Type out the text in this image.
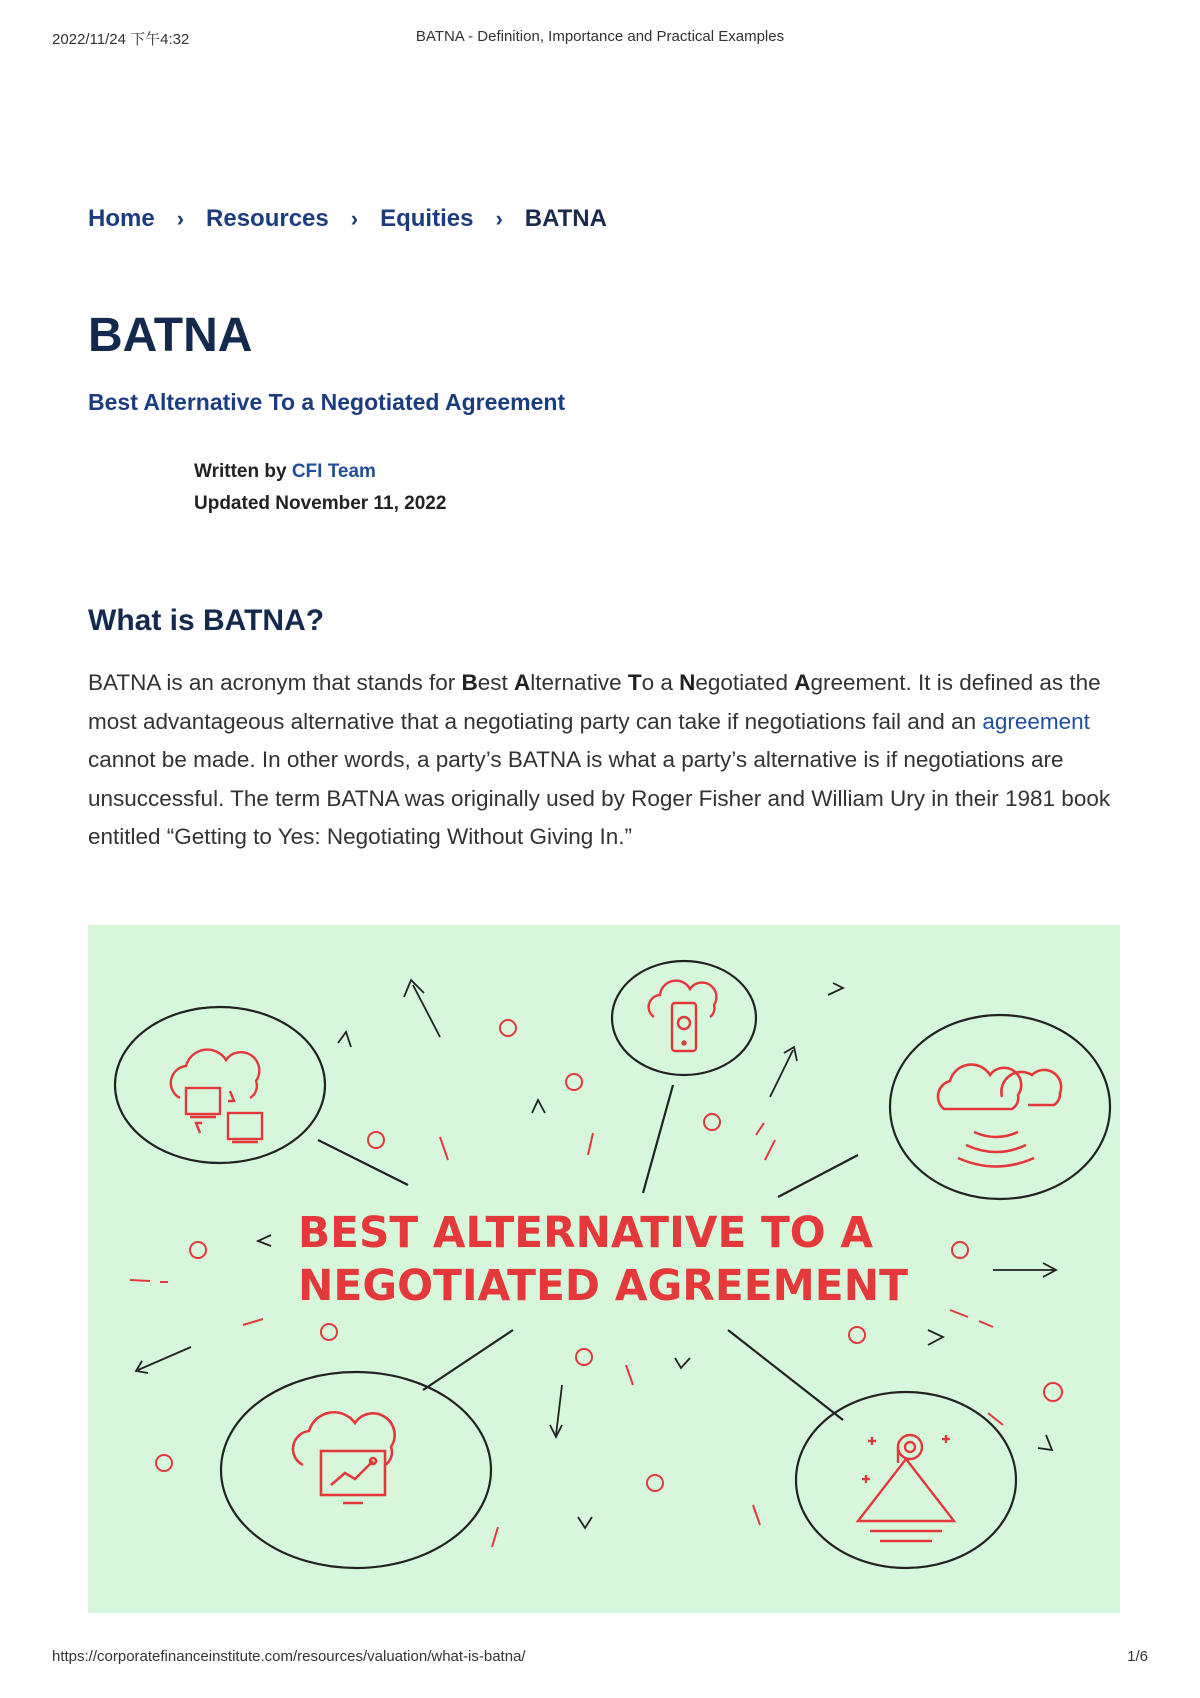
2022/11/24 下午4:32	BATNA - Definition, Importance and Practical Examples
Home › Resources › Equities › BATNA
BATNA
Best Alternative To a Negotiated Agreement
Written by CFI Team
Updated November 11, 2022
What is BATNA?

BATNA is an acronym that stands for Best Alternative To a Negotiated Agreement. It is defined as the most advantageous alternative that a negotiating party can take if negotiations fail and an agreement cannot be made. In other words, a party’s BATNA is what a party’s alternative is if negotiations are unsuccessful. The term BATNA was originally used by Roger Fisher and William Ury in their 1981 book entitled “Getting to Yes: Negotiating Without Giving In.”

BEST ALTERNATIVE TO A
NEGOTIATED AGREEMENT
https://corporatefinanceinstitute.com/resources/valuation/what-is-batna/	1/6
